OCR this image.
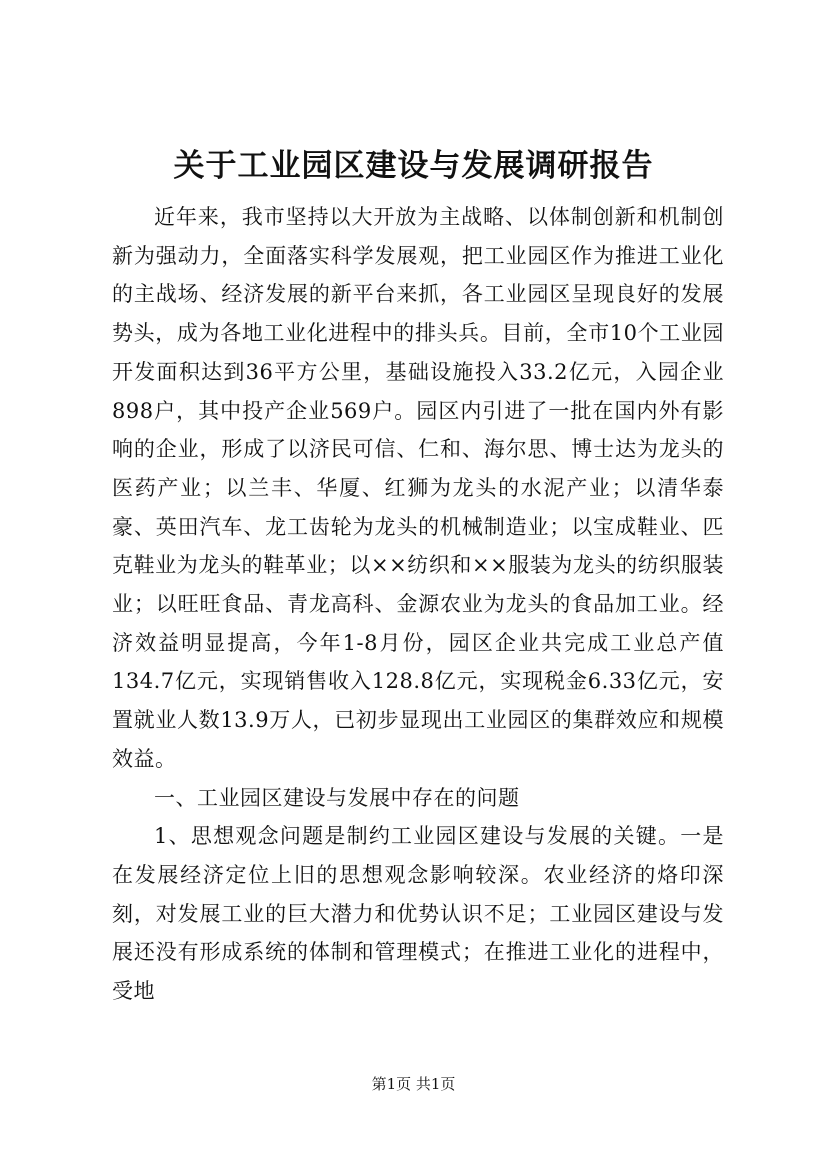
关于工业园区建设与发展调研报告

近年来，我市坚持以大开放为主战略、以体制创新和机制创新为强动力，全面落实科学发展观，把工业园区作为推进工业化的主战场、经济发展的新平台来抓，各工业园区呈现良好的发展势头，成为各地工业化进程中的排头兵。目前，全市10个工业园开发面积达到36平方公里，基础设施投入33.2亿元，入园企业898户，其中投产企业569户。园区内引进了一批在国内外有影响的企业，形成了以济民可信、仁和、海尔思、博士达为龙头的医药产业；以兰丰、华厦、红狮为龙头的水泥产业；以清华泰豪、英田汽车、龙工齿轮为龙头的机械制造业；以宝成鞋业、匹克鞋业为龙头的鞋革业；以××纺织和××服装为龙头的纺织服装业；以旺旺食品、青龙高科、金源农业为龙头的食品加工业。经济效益明显提高，今年1-8月份，园区企业共完成工业总产值134.7亿元，实现销售收入128.8亿元，实现税金6.33亿元，安置就业人数13.9万人，已初步显现出工业园区的集群效应和规模效益。

一、工业园区建设与发展中存在的问题

1、思想观念问题是制约工业园区建设与发展的关键。一是在发展经济定位上旧的思想观念影响较深。农业经济的烙印深刻，对发展工业的巨大潜力和优势认识不足；工业园区建设与发展还没有形成系统的体制和管理模式；在推进工业化的进程中，受地

第1页 共1页
